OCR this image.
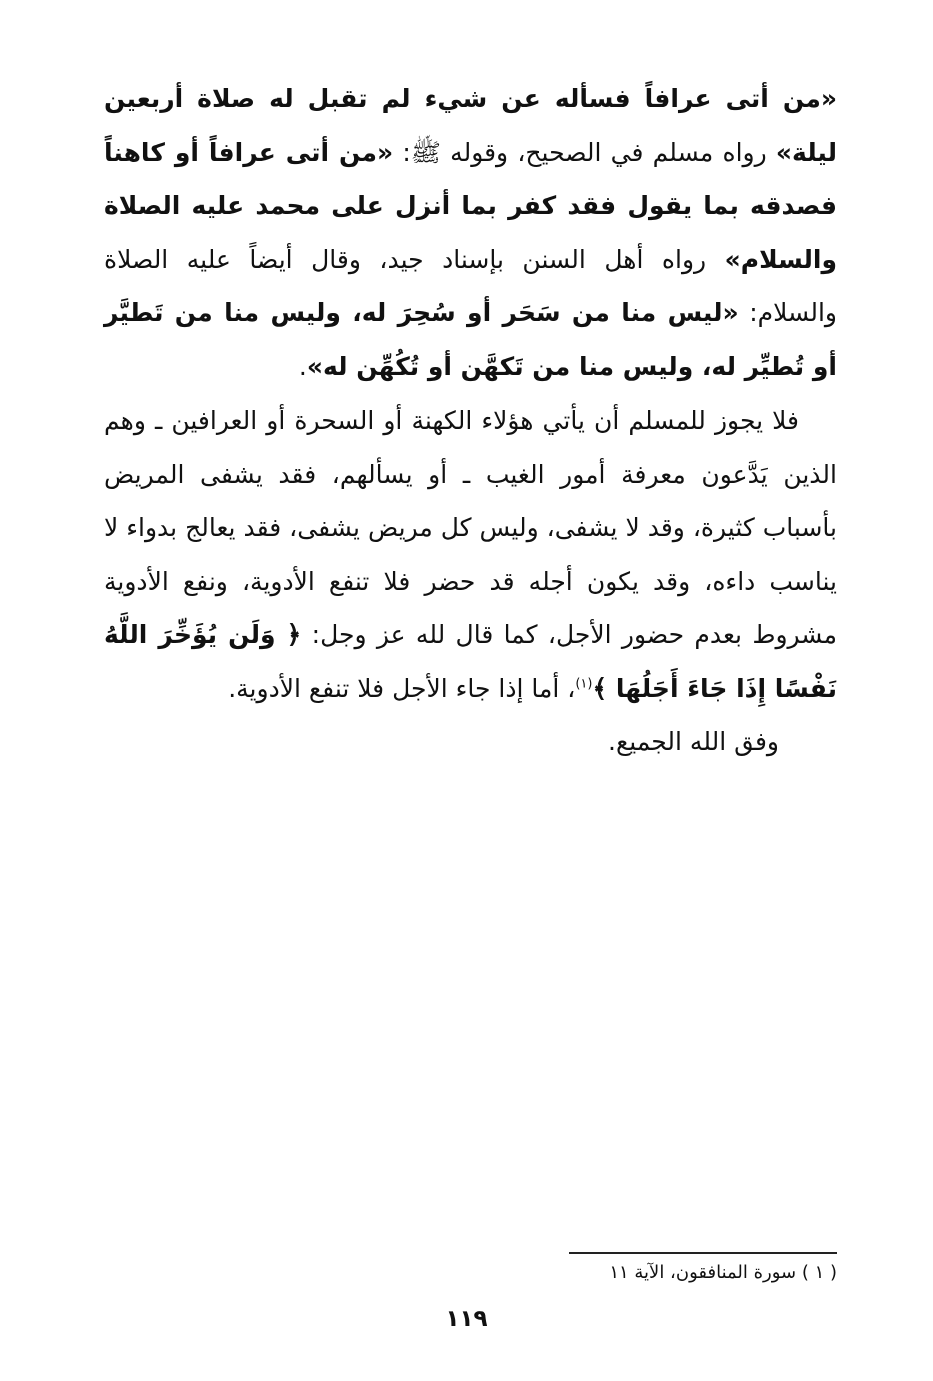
«من أتى عرافاً فسأله عن شيء لم تقبل له صلاة أربعين ليلة» رواه مسلم في الصحيح، وقوله ﷺ: «من أتى عرافاً أو كاهناً فصدقه بما يقول فقد كفر بما أنزل على محمد عليه الصلاة والسلام» رواه أهل السنن بإسناد جيد، وقال أيضاً عليه الصلاة والسلام: «ليس منا من سَحَر أو سُحِرَ له، وليس منا من تَطيَّر أو تُطيِّر له، وليس منا من تَكهَّن أو تُكُهِّن له».

فلا يجوز للمسلم أن يأتي هؤلاء الكهنة أو السحرة أو العرافين ـ وهم الذين يَدَّعون معرفة أمور الغيب ـ أو يسألهم، فقد يشفى المريض بأسباب كثيرة، وقد لا يشفى، وليس كل مريض يشفى، فقد يعالج بدواء لا يناسب داءه، وقد يكون أجله قد حضر فلا تنفع الأدوية، ونفع الأدوية مشروط بعدم حضور الأجل، كما قال لله عز وجل: ﴿ وَلَن يُؤَخِّرَ اللَّهُ نَفْسًا إِذَا جَاءَ أَجَلُهَا ﴾$^{(١)}$، أما إذا جاء الأجل فلا تنفع الأدوية.

وفق الله الجميع.

( ١ ) سورة المنافقون، الآية ١١
١١٩
